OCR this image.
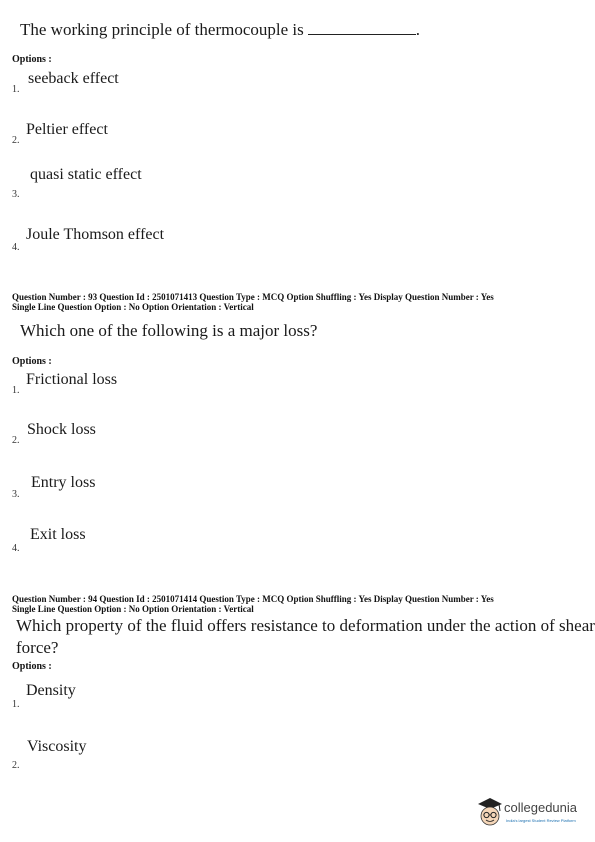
The working principle of thermocouple is	.
Options :
1.
seeback effect
2.
Peltier effect
3.
quasi static effect
4.
Joule Thomson effect
Question Number : 93 Question Id : 2501071413 Question Type : MCQ Option Shuffling : Yes Display Question Number : Yes
Single Line Question Option : No Option Orientation : Vertical
Which one of the following is a major loss?
Options :
1.
Frictional loss
2.
Shock loss
3.
Entry loss
4.
Exit loss
Question Number : 94 Question Id : 2501071414 Question Type : MCQ Option Shuffling : Yes Display Question Number : Yes
Single Line Question Option : No Option Orientation : Vertical
Which property of the fluid offers resistance to deformation under the action of shear
force?
Options :
1.
Density
2.
Viscosity
collegedunia
India's largest Student Review Platform
